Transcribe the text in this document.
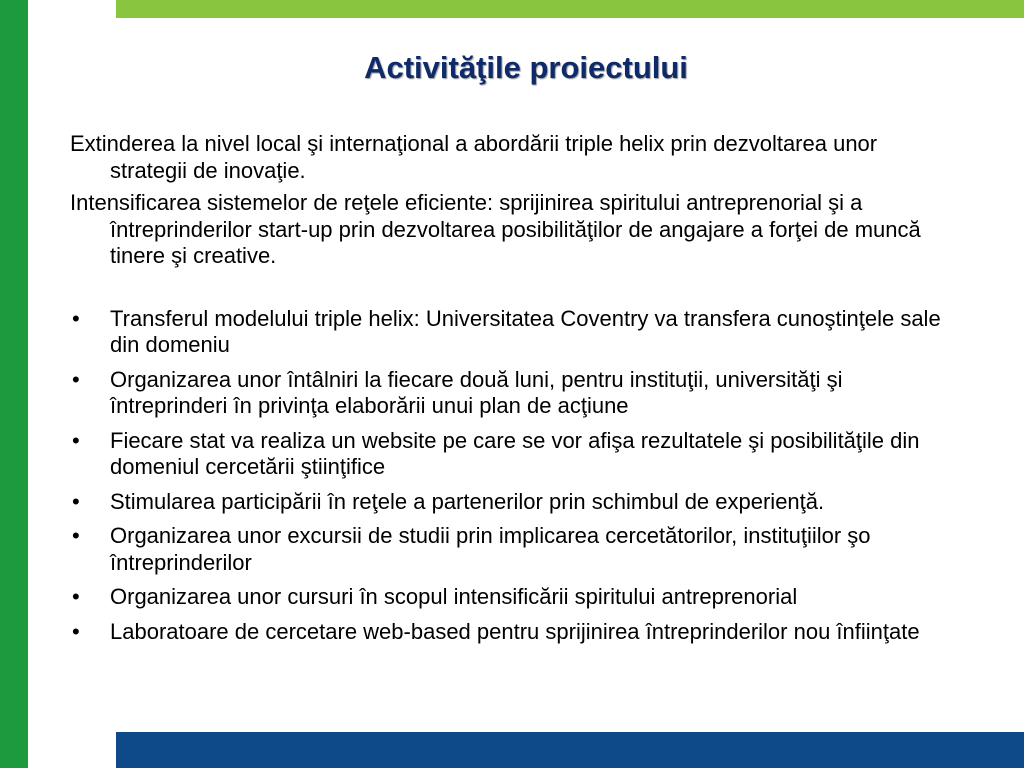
Activităţile proiectului

Extinderea la nivel local şi internaţional a abordării triple helix prin dezvoltarea unor strategii de inovaţie.

Intensificarea sistemelor de reţele eficiente: sprijinirea spiritului antreprenorial şi a întreprinderilor start-up prin dezvoltarea posibilităţilor de angajare a forţei de muncă tinere şi creative.

• Transferul modelului triple helix: Universitatea Coventry va transfera cunoştinţele sale din domeniu
• Organizarea unor întâlniri la fiecare două luni, pentru instituţii, universităţi şi întreprinderi în privinţa elaborării unui plan de acţiune
• Fiecare stat va realiza un website pe care se vor afişa rezultatele şi posibilităţile din domeniul cercetării ştiinţifice
• Stimularea participării în reţele a partenerilor prin schimbul de experienţă.
• Organizarea unor excursii de studii prin implicarea cercetătorilor, instituţiilor şo întreprinderilor
• Organizarea unor cursuri în scopul intensificării spiritului antreprenorial
• Laboratoare de cercetare web-based pentru sprijinirea întreprinderilor nou înfiinţate
